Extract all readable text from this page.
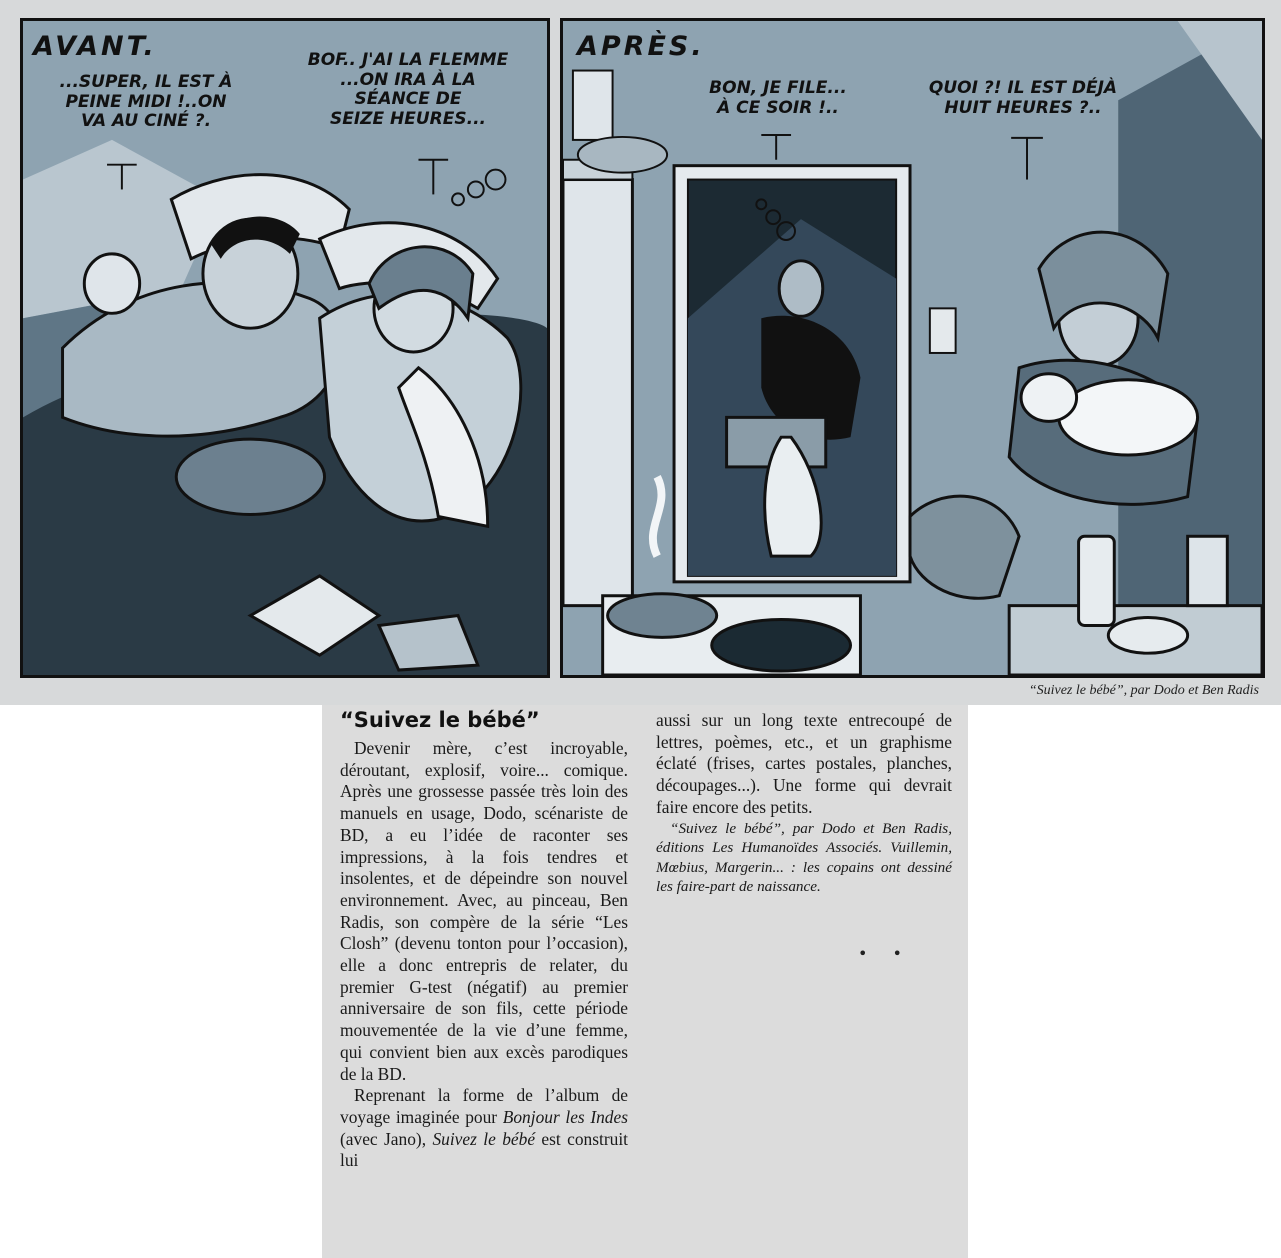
AVANT.
...SUPER, IL EST À
PEINE MIDI !..ON
VA AU CINÉ ?.
BOF.. J'AI LA FLEMME
...ON IRA À LA
SÉANCE DE
SEIZE HEURES...
APRÈS.
BON, JE FILE...
À CE SOIR !..
QUOI ?! IL EST DÉJÀ
HUIT HEURES ?..
“Suivez le bébé”, par Dodo et Ben Radis
“Suivez le bébé”

Devenir mère, c’est incroyable, déroutant, explosif, voire... comique. Après une grossesse passée très loin des manuels en usage, Dodo, scénariste de BD, a eu l’idée de raconter ses impressions, à la fois tendres et insolentes, et de dépeindre son nouvel environnement. Avec, au pinceau, Ben Radis, son compère de la série “Les Closh” (devenu tonton pour l’occasion), elle a donc entrepris de relater, du premier G-test (négatif) au premier anniversaire de son fils, cette période mouvementée de la vie d’une femme, qui convient bien aux excès parodiques de la BD.

Reprenant la forme de l’album de voyage imaginée pour Bonjour les Indes (avec Jano), Suivez le bébé est construit lui

aussi sur un long texte entrecoupé de lettres, poèmes, etc., et un graphisme éclaté (frises, cartes postales, planches, découpages...). Une forme qui devrait faire encore des petits.

“Suivez le bébé”, par Dodo et Ben Radis, éditions Les Humanoïdes Associés. Vuillemin, Mœbius, Margerin... : les copains ont dessiné les faire-part de naissance.

• •
